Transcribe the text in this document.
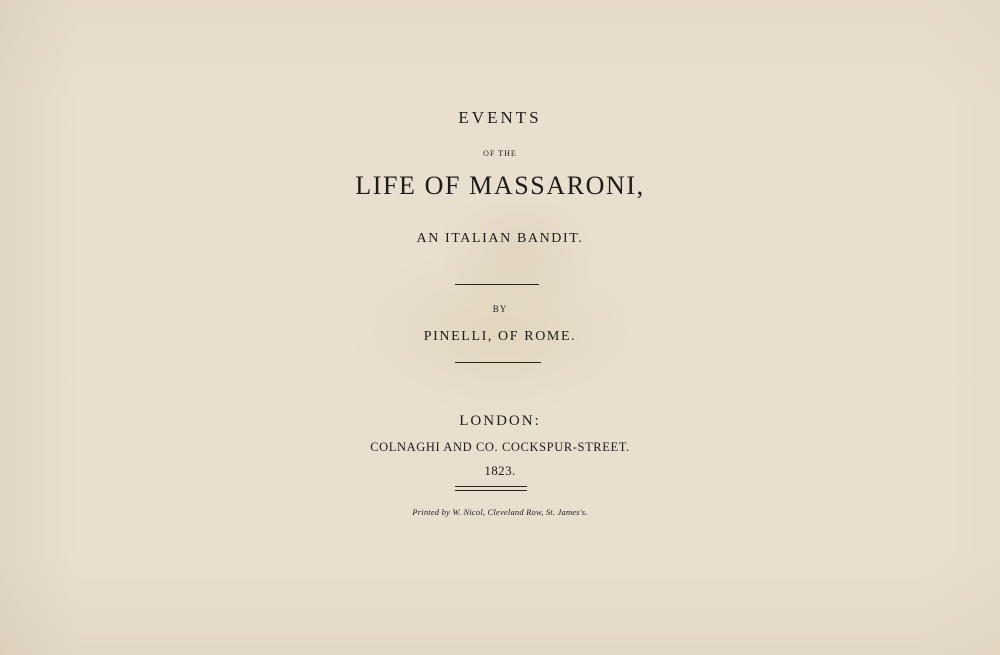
EVENTS
OF THE
LIFE OF MASSARONI,
AN ITALIAN BANDIT.
BY
PINELLI, OF ROME.
LONDON:
COLNAGHI AND CO. COCKSPUR-STREET.
1823.
Printed by W. Nicol, Cleveland Row, St. James's.
